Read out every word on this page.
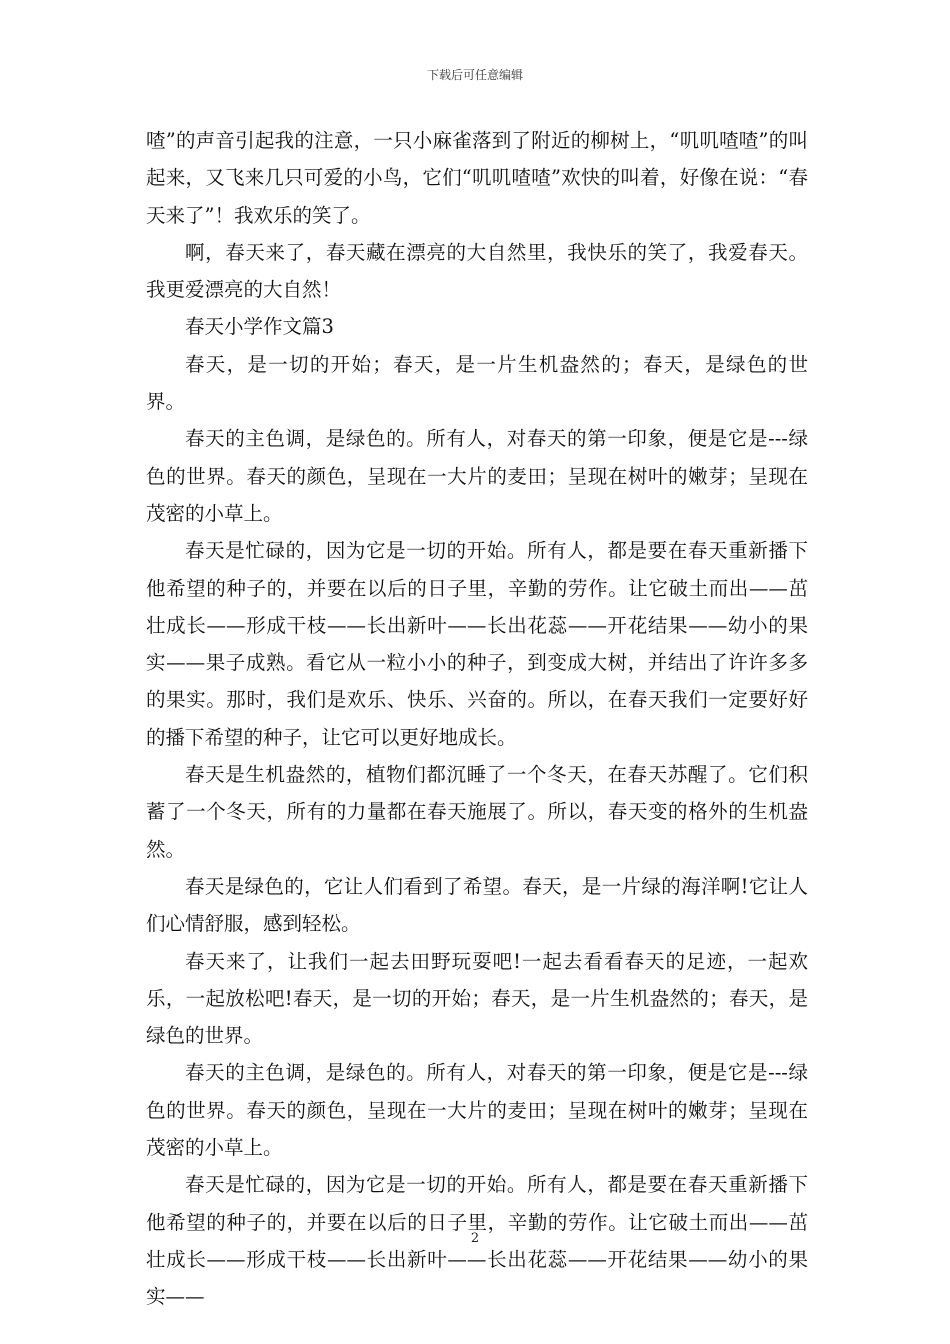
下载后可任意编辑

喳”的声音引起我的注意，一只小麻雀落到了附近的柳树上，“叽叽喳喳”的叫起来，又飞来几只可爱的小鸟，它们“叽叽喳喳”欢快的叫着，好像在说：“春天来了”！我欢乐的笑了。

啊，春天来了，春天藏在漂亮的大自然里，我快乐的笑了，我爱春天。我更爱漂亮的大自然！

春天小学作文篇3

春天，是一切的开始；春天，是一片生机盎然的；春天，是绿色的世界。

春天的主色调，是绿色的。所有人，对春天的第一印象，便是它是---绿色的世界。春天的颜色，呈现在一大片的麦田；呈现在树叶的嫩芽；呈现在茂密的小草上。

春天是忙碌的，因为它是一切的开始。所有人，都是要在春天重新播下他希望的种子的，并要在以后的日子里，辛勤的劳作。让它破土而出——茁壮成长——形成干枝——长出新叶——长出花蕊——开花结果——幼小的果实——果子成熟。看它从一粒小小的种子，到变成大树，并结出了许许多多的果实。那时，我们是欢乐、快乐、兴奋的。所以，在春天我们一定要好好的播下希望的种子，让它可以更好地成长。

春天是生机盎然的，植物们都沉睡了一个冬天，在春天苏醒了。它们积蓄了一个冬天，所有的力量都在春天施展了。所以，春天变的格外的生机盎然。

春天是绿色的，它让人们看到了希望。春天，是一片绿的海洋啊!它让人们心情舒服，感到轻松。

春天来了，让我们一起去田野玩耍吧!一起去看看春天的足迹，一起欢乐，一起放松吧!春天，是一切的开始；春天，是一片生机盎然的；春天，是绿色的世界。

春天的主色调，是绿色的。所有人，对春天的第一印象，便是它是---绿色的世界。春天的颜色，呈现在一大片的麦田；呈现在树叶的嫩芽；呈现在茂密的小草上。

春天是忙碌的，因为它是一切的开始。所有人，都是要在春天重新播下他希望的种子的，并要在以后的日子里，辛勤的劳作。让它破土而出——茁壮成长——形成干枝——长出新叶——长出花蕊——开花结果——幼小的果实——

2
